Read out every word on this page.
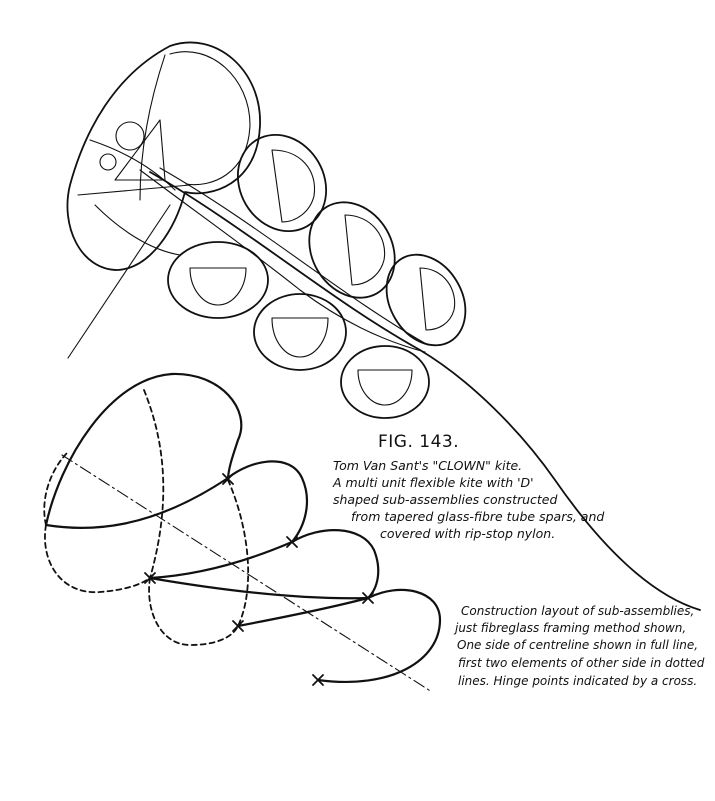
FIG. 143.
Tom Van Sant's "CLOWN" kite.
A multi unit flexible kite with 'D'
shaped sub-assemblies constructed
from tapered glass-fibre tube spars, and
covered with rip-stop nylon.
Construction layout of sub-assemblies,
just fibreglass framing method shown,
One side of centreline shown in full line,
first two elements of other side in dotted
lines. Hinge points indicated by a cross.
